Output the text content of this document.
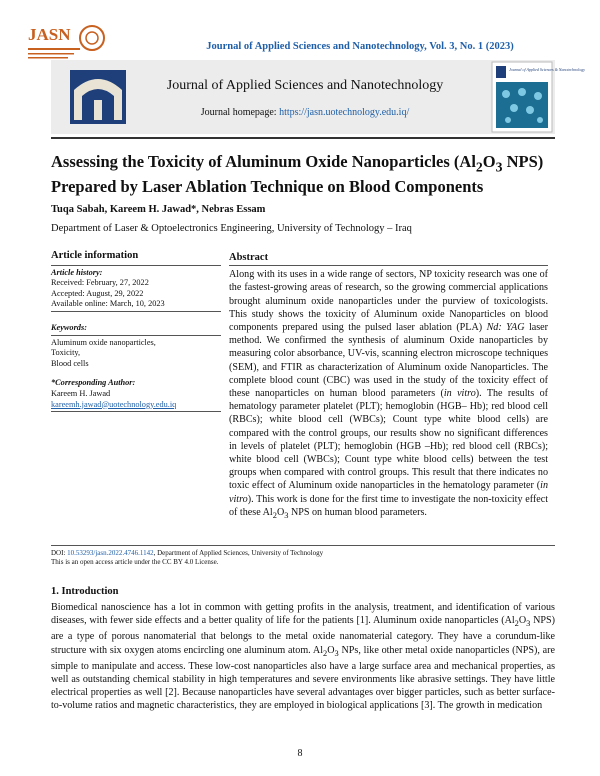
JASN
Journal of Applied Sciences and Nanotechnology, Vol. 3, No. 1 (2023)
Journal of Applied Sciences and Nanotechnology
Journal homepage: https://jasn.uotechnology.edu.iq/
Journal of Applied Sciences & Nanotechnology
Assessing the Toxicity of Aluminum Oxide Nanoparticles ($Al_2O_3$ NPS) Prepared by Laser Ablation Technique on Blood Components
Tuqa Sabah, Kareem H. Jawad*, Nebras Essam
Department of Laser & Optoelectronics Engineering, University of Technology – Iraq
Article information
Article history:
Received: February, 27, 2022
Accepted: August, 29, 2022
Available online: March, 10, 2023
Keywords:
Aluminum oxide nanoparticles,
Toxicity,
Blood cells
*Corresponding Author:
Kareem H. Jawad
kareemh.jawad@uotechnology.edu.iq
Abstract
Along with its uses in a wide range of sectors, NP toxicity research was one of the fastest-growing areas of research, so the growing commercial applications brought aluminum oxide nanoparticles under the purview of toxicologists. This study shows the toxicity of Aluminum oxide Nanoparticles on blood components prepared using the pulsed laser ablation (PLA) Nd: YAG laser method. We confirmed the synthesis of aluminum Oxide nanoparticles by measuring color absorbance, UV-vis, scanning electron microscope techniques (SEM), and FTIR as characterization of Aluminum oxide Nanoparticles. The complete blood count (CBC) was used in the study of the toxicity effect of these nanoparticles on human blood parameters (in vitro). The results of hematology parameter platelet (PLT); hemoglobin (HGB– Hb); red blood cell (RBCs); white blood cell (WBCs); Count type white blood cells) are compared with the control groups, our results show no significant differences in levels of platelet (PLT); hemoglobin (HGB –Hb); red blood cell (RBCs); white blood cell (WBCs); Count type white blood cells) between the test groups when compared with control groups. This result that there indicates no toxic effect of Aluminum oxide nanoparticles in the hematology parameter (in vitro). This work is done for the first time to investigate the non-toxicity effect of these $Al_2O_3$ NPS on human blood parameters.
DOI: 10.53293/jasn.2022.4746.1142, Department of Applied Sciences, University of Technology
This is an open access article under the CC BY 4.0 License.
1. Introduction
Biomedical nanoscience has a lot in common with getting profits in the analysis, treatment, and identification of various diseases, with fewer side effects and a better quality of life for the patients [1]. Aluminum oxide nanoparticles ($Al_2O_3$ NPS) are a type of porous nanomaterial that belongs to the metal oxide nanomaterial category. They have a corundum-like structure with six oxygen atoms encircling one aluminum atom. $Al_2O_3$ NPs, like other metal oxide nanoparticles (NPS), are simple to manipulate and access. These low-cost nanoparticles also have a large surface area and mechanical properties, as well as outstanding chemical stability in high temperatures and severe environments like abrasive settings. They have little electrical properties as well [2]. Because nanoparticles have several advantages over bigger particles, such as better surface-to-volume ratios and magnetic characteristics, they are employed in biological applications [3]. The growth in medication
8
